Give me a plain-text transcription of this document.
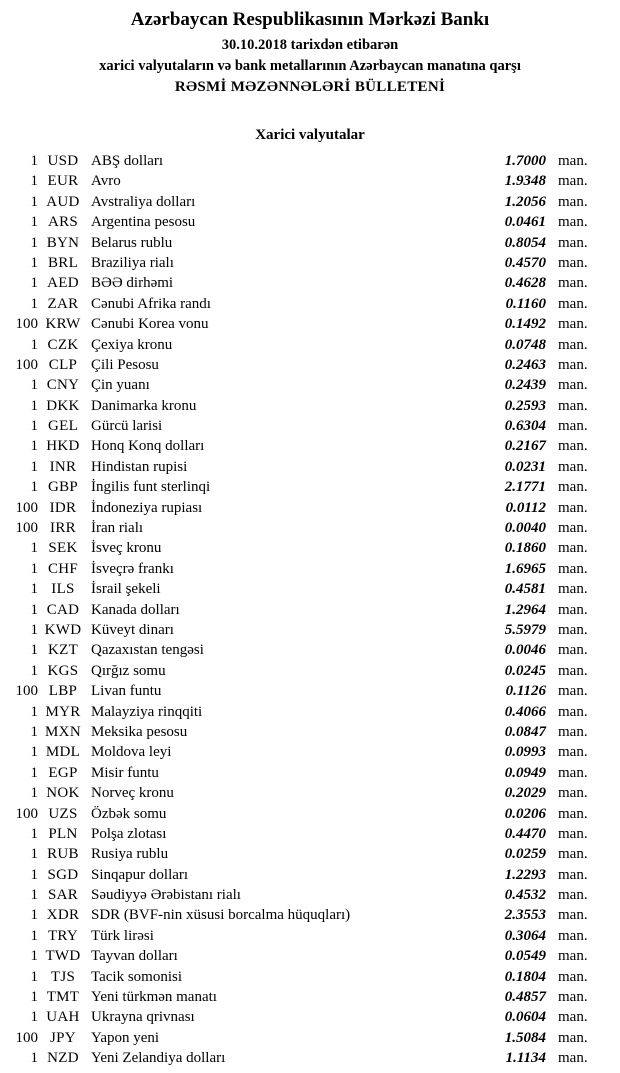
Azərbaycan Respublikasının Mərkəzi Bankı
30.10.2018 tarixdən etibarən
xarici valyutaların və bank metallarının Azərbaycan manatına qarşı
RƏSMİ MƏZƏNNƏLƏRİ BÜLLETENİ
Xarici valyutalar
1 USD ABŞ dolları	1.7000 man.
1 EUR Avro	1.9348 man.
1 AUD Avstraliya dolları	1.2056 man.
1 ARS Argentina pesosu	0.0461 man.
1 BYN Belarus rublu	0.8054 man.
1 BRL Braziliya rialı	0.4570 man.
1 AED BƏƏ dirhəmi	0.4628 man.
1 ZAR Cənubi Afrika randı	0.1160 man.
100 KRW Cənubi Korea vonu	0.1492 man.
1 CZK Çexiya kronu	0.0748 man.
100 CLP Çili Pesosu	0.2463 man.
1 CNY Çin yuanı	0.2439 man.
1 DKK Danimarka kronu	0.2593 man.
1 GEL Gürcü larisi	0.6304 man.
1 HKD Honq Konq dolları	0.2167 man.
1 INR Hindistan rupisi	0.0231 man.
1 GBP İngilis funt sterlinqi	2.1771 man.
100 IDR İndoneziya rupiası	0.0112 man.
100 IRR	İran rialı	0.0040 man.
1 SEK İsveç kronu	0.1860 man.
1 CHF İsveçrə frankı	1.6965 man.
1 ILS	İsrail şekeli	0.4581 man.
1 CAD Kanada dolları	1.2964 man.
1 KWD Küveyt dinarı	5.5979 man.
1 KZT Qazaxıstan tengəsi	0.0046 man.
1 KGS Qırğız somu	0.0245 man.
100 LBP Livan funtu	0.1126 man.
1 MYR Malayziya rinqqiti	0.4066 man.
1 MXN Meksika pesosu	0.0847 man.
1 MDL Moldova leyi	0.0993 man.
1 EGP Misir funtu	0.0949 man.
1 NOK Norveç kronu	0.2029 man.
100 UZS Özbək somu	0.0206 man.
1 PLN Polşa zlotası	0.4470 man.
1 RUB Rusiya rublu	0.0259 man.
1 SGD Sinqapur dolları	1.2293 man.
1 SAR Səudiyyə Ərəbistanı rialı	0.4532 man.
1 XDR SDR (BVF-nin xüsusi borcalma hüquqları)	2.3553 man.
1 TRY Türk lirəsi	0.3064 man.
1 TWD Tayvan dolları	0.0549 man.
1 TJS	Tacik somonisi	0.1804 man.
1 TMT Yeni türkmən manatı	0.4857 man.
1 UAH Ukrayna qrivnası	0.0604 man.
100 JPY	Yapon yeni	1.5084 man.
1 NZD Yeni Zelandiya dolları	1.1134 man.
